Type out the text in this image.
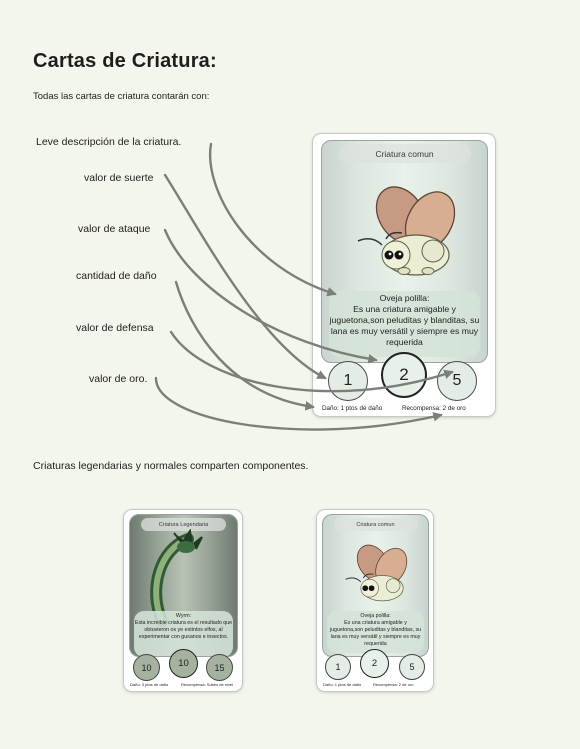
Cartas de Criatura:
Todas las cartas de criatura contarán con:
Leve descripción de la criatura.
valor de suerte
valor de ataque
cantidad de daño
valor de defensa
valor de oro.
Criatura comun
Oveja polilla:
Es una criatura amigable y juguetona,son peluditas y blanditas, su lana es muy versátil y siempre es muy requerida
1	2	5
Daño: 1 ptos de daño	Recompensa: 2 de oro
Criaturas legendarias y normales comparten componentes.
Criatura Legendaria
Wyrm:
Esta increible criatura es el resultado que obtuvieron os ye extintos elfos, al experimentar con gusanos e insectos.
10	10	15
Daño: 3 ptos de daño	Recompensa: Subes de nivel
Criatura comun
Oveja polilla:
Es una criatura amigable y juguetona,son peluditas y blanditas, su lana es muy versátil y siempre es muy requerida
1	2	5
Daño: 1 ptos de daño	Recompensa: 2 de oro
